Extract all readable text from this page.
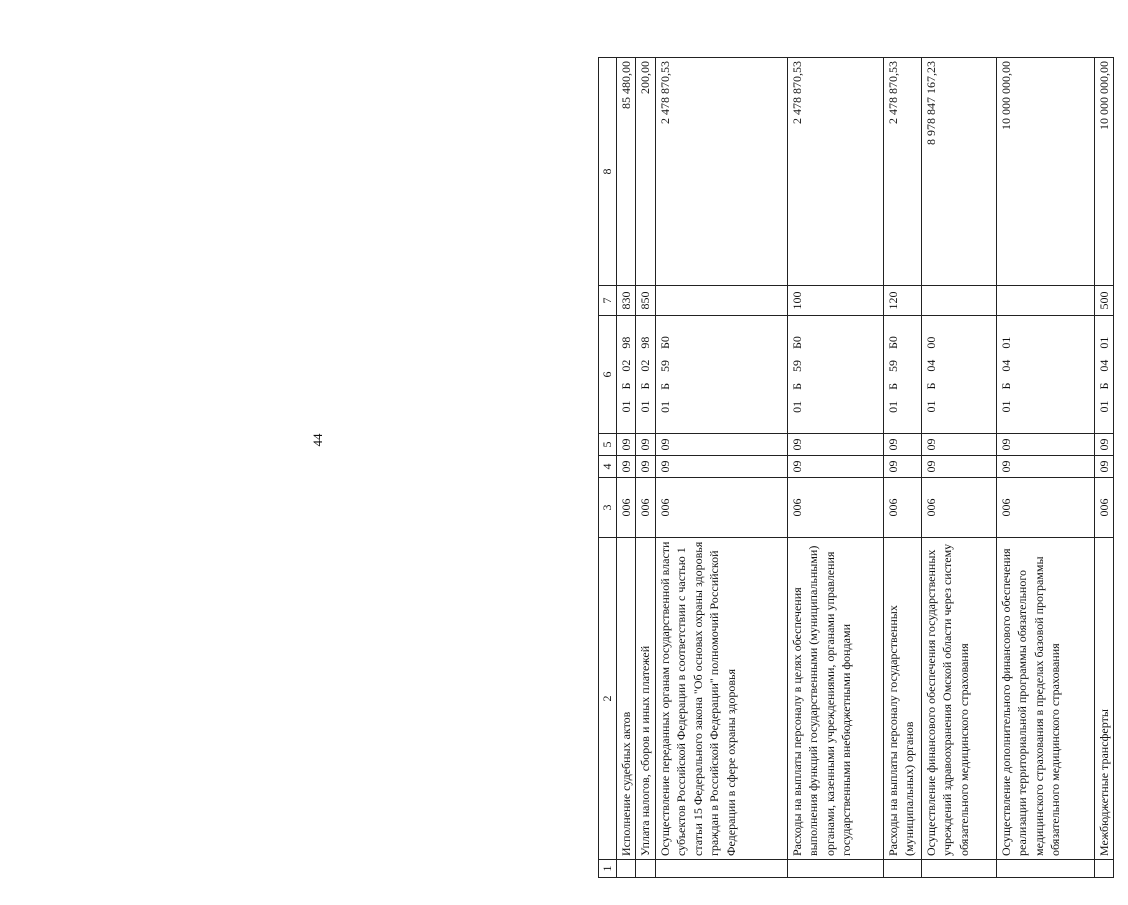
44
1	2	3	4	5	6	7	8
	Исполнение судебных актов	006	09	09	01 Б 02 98	830	85 480,00
	Уплата налогов, сборов и иных платежей	006	09	09	01 Б 02 98	850	200,00
	Осуществление переданных органам государственной власти субъектов Российской Федерации в соответствии с частью 1 статьи 15 Федерального закона "Об основах охраны здоровья граждан в Российской Федерации" полномочий Российской Федерации в сфере охраны здоровья	006	09	09	01 Б 59 Б0		2 478 870,53
	Расходы на выплаты персоналу в целях обеспечения выполнения функций государственными (муниципальными) органами, казенными учреждениями, органами управления государственными внебюджетными фондами	006	09	09	01 Б 59 Б0	100	2 478 870,53
	Расходы на выплаты персоналу государственных (муниципальных) органов	006	09	09	01 Б 59 Б0	120	2 478 870,53
	Осуществление финансового обеспечения государственных учреждений здравоохранения Омской области через систему обязательного медицинского страхования	006	09	09	01 Б 04 00		8 978 847 167,23
	Осуществление дополнительного финансового обеспечения реализации территориальной программы обязательного медицинского страхования в пределах базовой программы обязательного медицинского страхования	006	09	09	01 Б 04 01		10 000 000,00
	Межбюджетные трансферты	006	09	09	01 Б 04 01	500	10 000 000,00
